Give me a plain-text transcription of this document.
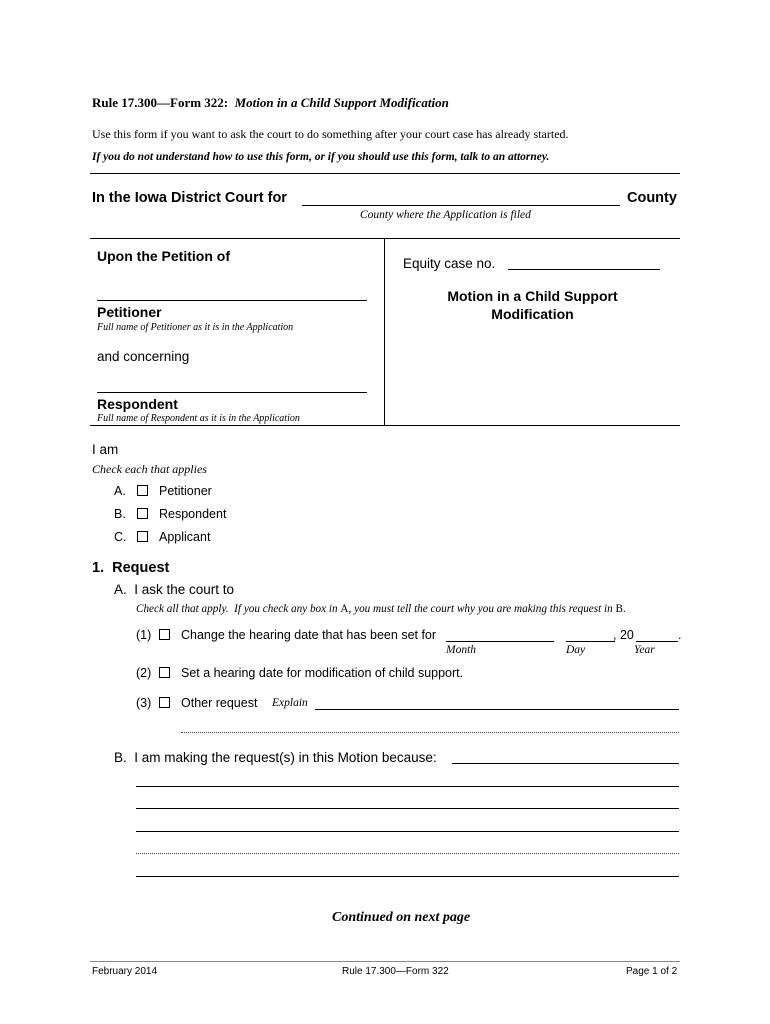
Rule 17.300—Form 322: Motion in a Child Support Modification
Use this form if you want to ask the court to do something after your court case has already started.
If you do not understand how to use this form, or if you should use this form, talk to an attorney.
In the Iowa District Court for	County
County where the Application is filed
Upon the Petition of
Petitioner
Full name of Petitioner as it is in the Application
and concerning
Respondent
Full name of Respondent as it is in the Application
Equity case no.
Motion in a Child Support
Modification
I am
Check each that applies
A.	Petitioner
B.	Respondent
C.	Applicant
1.  Request
A.  I ask the court to
Check all that apply.  If you check any box in A, you must tell the court why you are making this request in B.
(1) Change the hearing date that has been set for	, 20	.
Month	Day	Year
(2) Set a hearing date for modification of child support.
(3) Other request Explain
B.  I am making the request(s) in this Motion because:
Continued on next page
February 2014	Rule 17.300—Form 322	Page 1 of 2
